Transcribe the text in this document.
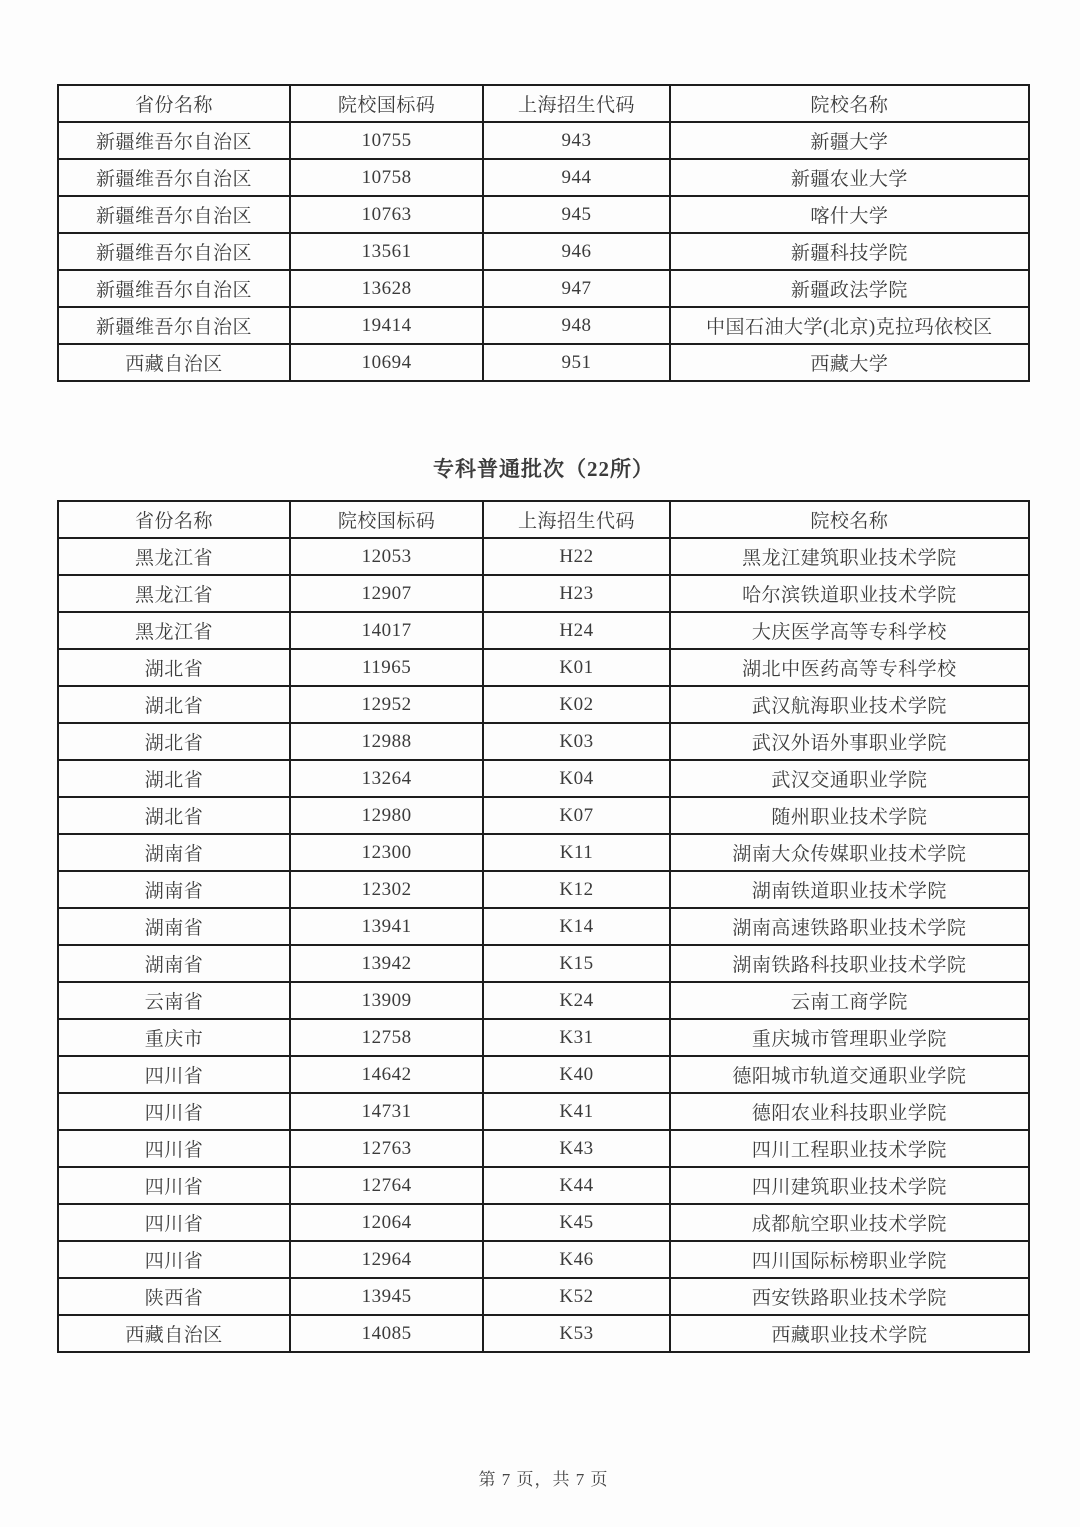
省份名称	院校国标码	上海招生代码	院校名称
新疆维吾尔自治区	10755	943	新疆大学
新疆维吾尔自治区	10758	944	新疆农业大学
新疆维吾尔自治区	10763	945	喀什大学
新疆维吾尔自治区	13561	946	新疆科技学院
新疆维吾尔自治区	13628	947	新疆政法学院
新疆维吾尔自治区	19414	948	中国石油大学(北京)克拉玛依校区
西藏自治区	10694	951	西藏大学
专科普通批次（22所）
省份名称	院校国标码	上海招生代码	院校名称
黑龙江省	12053	H22	黑龙江建筑职业技术学院
黑龙江省	12907	H23	哈尔滨铁道职业技术学院
黑龙江省	14017	H24	大庆医学高等专科学校
湖北省	11965	K01	湖北中医药高等专科学校
湖北省	12952	K02	武汉航海职业技术学院
湖北省	12988	K03	武汉外语外事职业学院
湖北省	13264	K04	武汉交通职业学院
湖北省	12980	K07	随州职业技术学院
湖南省	12300	K11	湖南大众传媒职业技术学院
湖南省	12302	K12	湖南铁道职业技术学院
湖南省	13941	K14	湖南高速铁路职业技术学院
湖南省	13942	K15	湖南铁路科技职业技术学院
云南省	13909	K24	云南工商学院
重庆市	12758	K31	重庆城市管理职业学院
四川省	14642	K40	德阳城市轨道交通职业学院
四川省	14731	K41	德阳农业科技职业学院
四川省	12763	K43	四川工程职业技术学院
四川省	12764	K44	四川建筑职业技术学院
四川省	12064	K45	成都航空职业技术学院
四川省	12964	K46	四川国际标榜职业学院
陕西省	13945	K52	西安铁路职业技术学院
西藏自治区	14085	K53	西藏职业技术学院
第 7 页，共 7 页
